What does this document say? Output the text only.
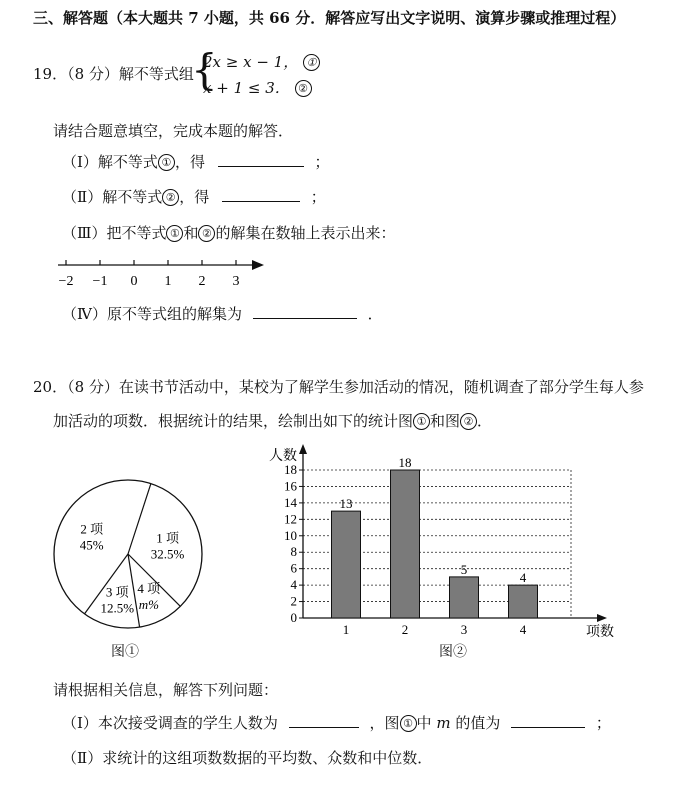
三、解答题（本大题共 7 小题，共 66 分．解答应写出文字说明、演算步骤或推理过程）
19．（8 分）解不等式组
{
2x ≥ x − 1， ①
x + 1 ≤ 3． ②
请结合题意填空，完成本题的解答．
（Ⅰ）解不等式 ① ，得	；
（Ⅱ）解不等式 ② ，得	；
（Ⅲ）把不等式 ① 和 ② 的解集在数轴上表示出来：
−2 −1 0 1 2 3
（Ⅳ）原不等式组的解集为	．
20．（8 分）在读书节活动中，某校为了解学生参加活动的情况，随机调查了部分学生每人参
加活动的项数．根据统计的结果，绘制出如下的统计图 ① 和图 ② ．
1 项
32.5%
4 项
m%
3 项
12.5%
2 项
45%
图①
0
2
4
6
8
10
12
14
16
18
13
1
18
2
5
3
4
4
人数
项数
图②
请根据相关信息，解答下列问题：
（Ⅰ）本次接受调查的学生人数为	，图 ① 中 m 的值为	；
（Ⅱ）求统计的这组项数数据的平均数、众数和中位数．
